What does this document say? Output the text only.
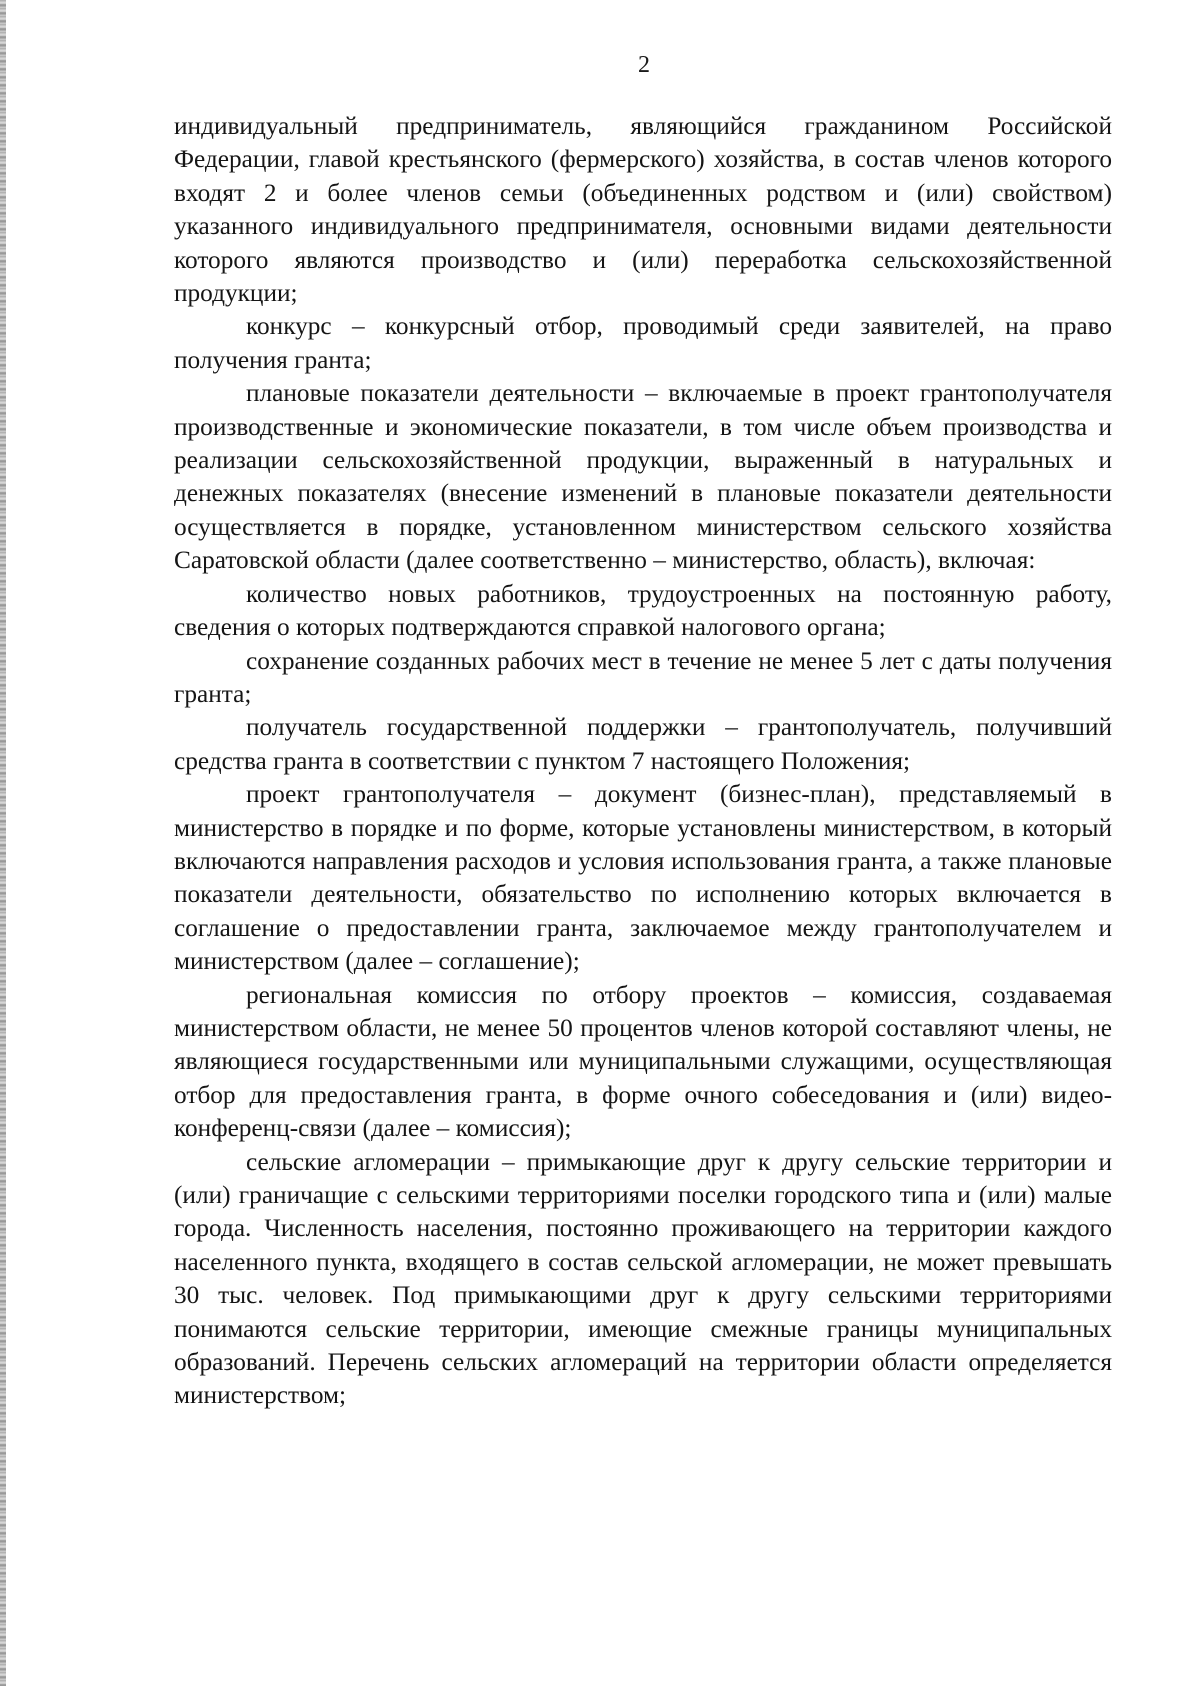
2

индивидуальный предприниматель, являющийся гражданином Российской Федерации, главой крестьянского (фермерского) хозяйства, в состав членов которого входят 2 и более членов семьи (объединенных родством и (или) свойством) указанного индивидуального предпринимателя, основными видами деятельности которого являются производство и (или) переработка сельскохозяйственной продукции;

конкурс – конкурсный отбор, проводимый среди заявителей, на право получения гранта;

плановые показатели деятельности – включаемые в проект грантополучателя производственные и экономические показатели, в том числе объем производства и реализации сельскохозяйственной продукции, выраженный в натуральных и денежных показателях (внесение изменений в плановые показатели деятельности осуществляется в порядке, установленном министерством сельского хозяйства Саратовской области (далее соответственно – министерство, область), включая:

количество новых работников, трудоустроенных на постоянную работу, сведения о которых подтверждаются справкой налогового органа;

сохранение созданных рабочих мест в течение не менее 5 лет с даты получения гранта;

получатель государственной поддержки – грантополучатель, получивший средства гранта в соответствии с пунктом 7 настоящего Положения;

проект грантополучателя – документ (бизнес-план), представляемый в министерство в порядке и по форме, которые установлены министерством, в который включаются направления расходов и условия использования гранта, а также плановые показатели деятельности, обязательство по исполнению которых включается в соглашение о предоставлении гранта, заключаемое между грантополучателем и министерством (далее – соглашение);

региональная комиссия по отбору проектов – комиссия, создаваемая министерством области, не менее 50 процентов членов которой составляют члены, не являющиеся государственными или муниципальными служащими, осуществляющая отбор для предоставления гранта, в форме очного собеседования и (или) видео-конференц-связи (далее – комиссия);

сельские агломерации – примыкающие друг к другу сельские территории и (или) граничащие с сельскими территориями поселки городского типа и (или) малые города. Численность населения, постоянно проживающего на территории каждого населенного пункта, входящего в состав сельской агломерации, не может превышать 30 тыс. человек. Под примыкающими друг к другу сельскими территориями понимаются сельские территории, имеющие смежные границы муниципальных образований. Перечень сельских агломераций на территории области определяется министерством;
